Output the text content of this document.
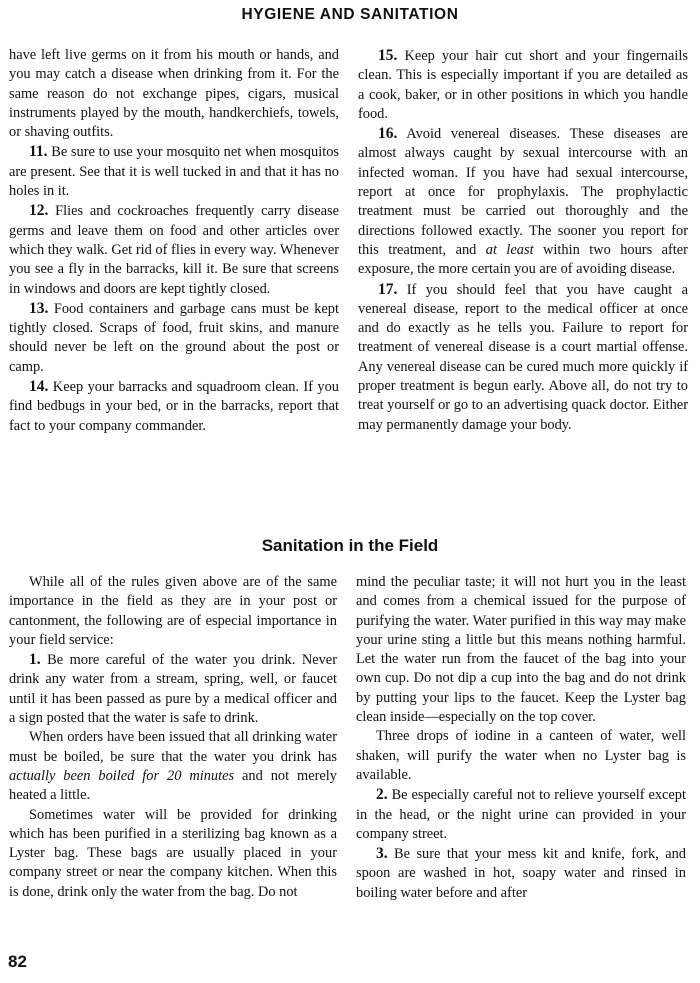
HYGIENE AND SANITATION

have left live germs on it from his mouth or hands, and you may catch a disease when drinking from it. For the same reason do not exchange pipes, cigars, musical instruments played by the mouth, handkerchiefs, towels, or shaving outfits.

11. Be sure to use your mosquito net when mosquitos are present. See that it is well tucked in and that it has no holes in it.

12. Flies and cockroaches frequently carry disease germs and leave them on food and other articles over which they walk. Get rid of flies in every way. Whenever you see a fly in the barracks, kill it. Be sure that screens in windows and doors are kept tightly closed.

13. Food containers and garbage cans must be kept tightly closed. Scraps of food, fruit skins, and manure should never be left on the ground about the post or camp.

14. Keep your barracks and squadroom clean. If you find bedbugs in your bed, or in the barracks, report that fact to your company commander.

15. Keep your hair cut short and your fingernails clean. This is especially important if you are detailed as a cook, baker, or in other positions in which you handle food.

16. Avoid venereal diseases. These diseases are almost always caught by sexual intercourse with an infected woman. If you have had sexual intercourse, report at once for prophylaxis. The prophylactic treatment must be carried out thoroughly and the directions followed exactly. The sooner you report for this treatment, and at least within two hours after exposure, the more certain you are of avoiding disease.

17. If you should feel that you have caught a venereal disease, report to the medical officer at once and do exactly as he tells you. Failure to report for treatment of venereal disease is a court martial offense. Any venereal disease can be cured much more quickly if proper treatment is begun early. Above all, do not try to treat yourself or go to an advertising quack doctor. Either may permanently damage your body.

Sanitation in the Field

While all of the rules given above are of the same importance in the field as they are in your post or cantonment, the following are of especial importance in your field service:

1. Be more careful of the water you drink. Never drink any water from a stream, spring, well, or faucet until it has been passed as pure by a medical officer and a sign posted that the water is safe to drink.

When orders have been issued that all drinking water must be boiled, be sure that the water you drink has actually been boiled for 20 minutes and not merely heated a little.

Sometimes water will be provided for drinking which has been purified in a sterilizing bag known as a Lyster bag. These bags are usually placed in your company street or near the company kitchen. When this is done, drink only the water from the bag. Do not

mind the peculiar taste; it will not hurt you in the least and comes from a chemical issued for the purpose of purifying the water. Water purified in this way may make your urine sting a little but this means nothing harmful. Let the water run from the faucet of the bag into your own cup. Do not dip a cup into the bag and do not drink by putting your lips to the faucet. Keep the Lyster bag clean inside—especially on the top cover.

Three drops of iodine in a canteen of water, well shaken, will purify the water when no Lyster bag is available.

2. Be especially careful not to relieve yourself except in the head, or the night urine can provided in your company street.

3. Be sure that your mess kit and knife, fork, and spoon are washed in hot, soapy water and rinsed in boiling water before and after

82
